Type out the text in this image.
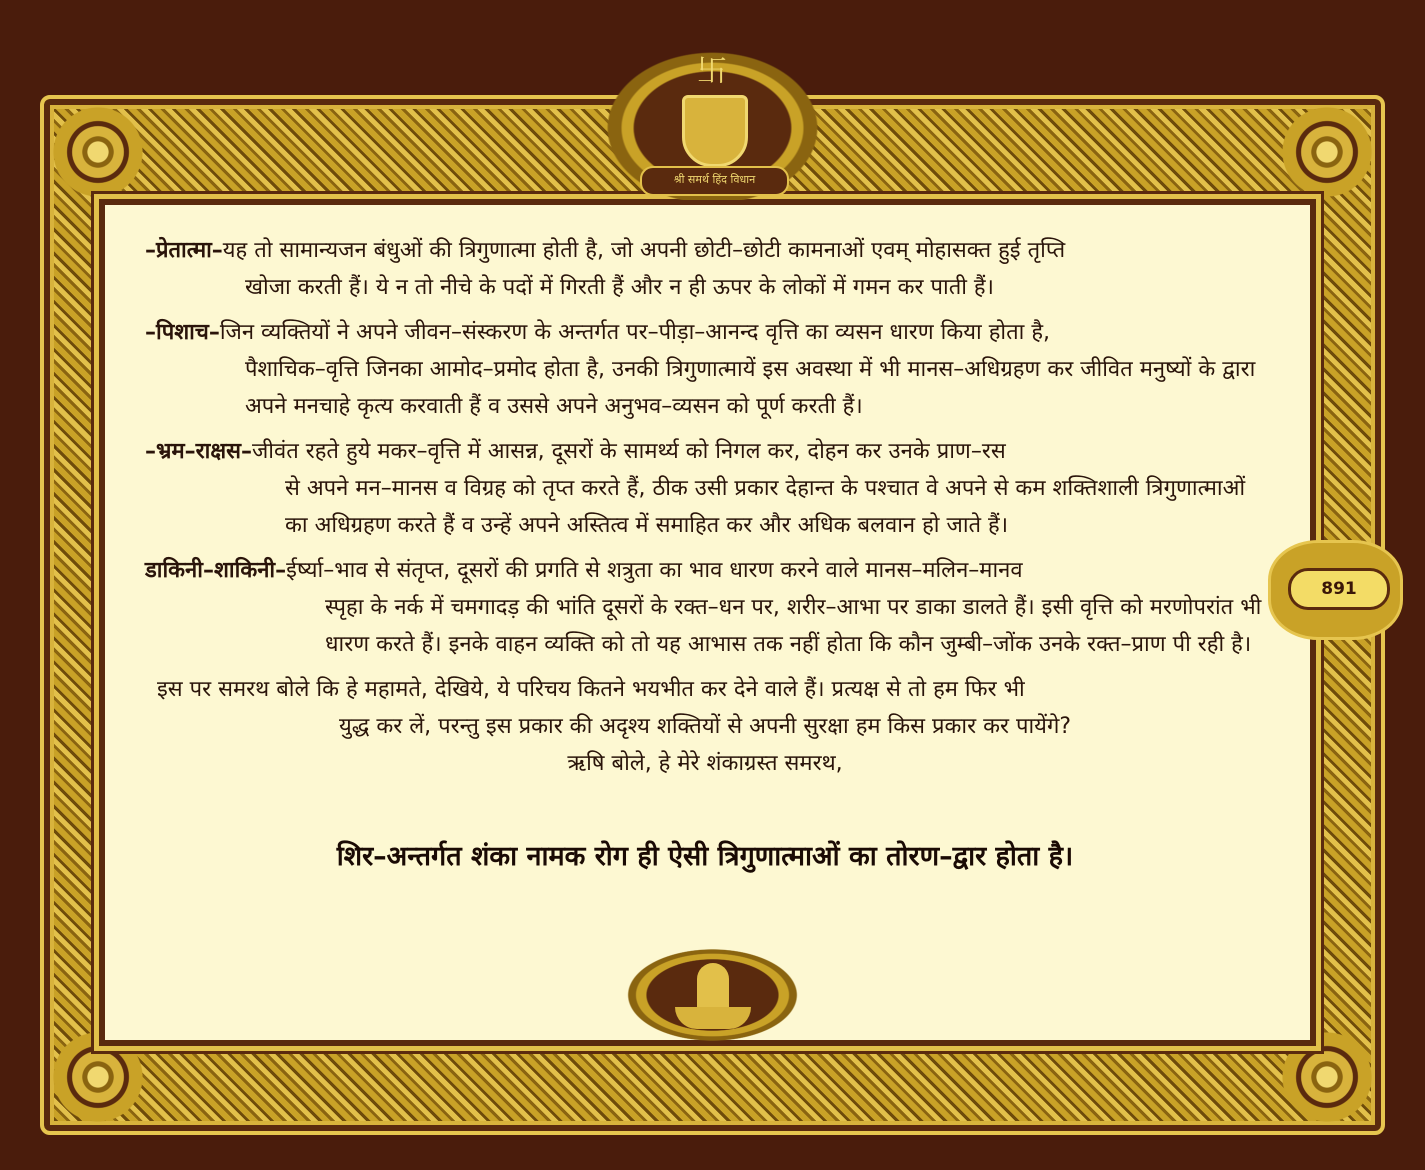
卐
श्री समर्थ हिंद विधान
891
–प्रेतात्मा–यह तो सामान्यजन बंधुओं की त्रिगुणात्मा होती है, जो अपनी छोटी–छोटी कामनाओं एवम् मोहासक्त हुई तृप्ति
खोजा करती हैं। ये न तो नीचे के पदों में गिरती हैं और न ही ऊपर के लोकों में गमन कर पाती हैं।
–पिशाच–जिन व्यक्तियों ने अपने जीवन–संस्करण के अन्तर्गत पर–पीड़ा–आनन्द वृत्ति का व्यसन धारण किया होता है,
पैशाचिक–वृत्ति जिनका आमोद–प्रमोद होता है, उनकी त्रिगुणात्मायें इस अवस्था में भी मानस–अधिग्रहण कर जीवित मनुष्यों के द्वारा अपने मनचाहे कृत्य करवाती हैं व उससे अपने अनुभव–व्यसन को पूर्ण करती हैं।
–भ्रम–राक्षस–जीवंत रहते हुये मकर–वृत्ति में आसन्न, दूसरों के सामर्थ्य को निगल कर, दोहन कर उनके प्राण–रस
से अपने मन–मानस व विग्रह को तृप्त करते हैं, ठीक उसी प्रकार देहान्त के पश्चात वे अपने से कम शक्तिशाली त्रिगुणात्माओं का अधिग्रहण करते हैं व उन्हें अपने अस्तित्व में समाहित कर और अधिक बलवान हो जाते हैं।
डाकिनी–शाकिनी–ईर्ष्या–भाव से संतृप्त, दूसरों की प्रगति से शत्रुता का भाव धारण करने वाले मानस–मलिन–मानव
स्पृहा के नर्क में चमगादड़ की भांति दूसरों के रक्त–धन पर, शरीर–आभा पर डाका डालते हैं। इसी वृत्ति को मरणोपरांत भी धारण करते हैं। इनके वाहन व्यक्ति को तो यह आभास तक नहीं होता कि कौन जुम्बी–जोंक उनके रक्त–प्राण पी रही है।
इस पर समरथ बोले कि हे महामते, देखिये, ये परिचय कितने भयभीत कर देने वाले हैं। प्रत्यक्ष से तो हम फिर भी
युद्ध कर लें, परन्तु इस प्रकार की अदृश्य शक्तियों से अपनी सुरक्षा हम किस प्रकार कर पायेंगे?
ऋषि बोले, हे मेरे शंकाग्रस्त समरथ,
शिर–अन्तर्गत शंका नामक रोग ही ऐसी त्रिगुणात्माओं का तोरण–द्वार होता है।
